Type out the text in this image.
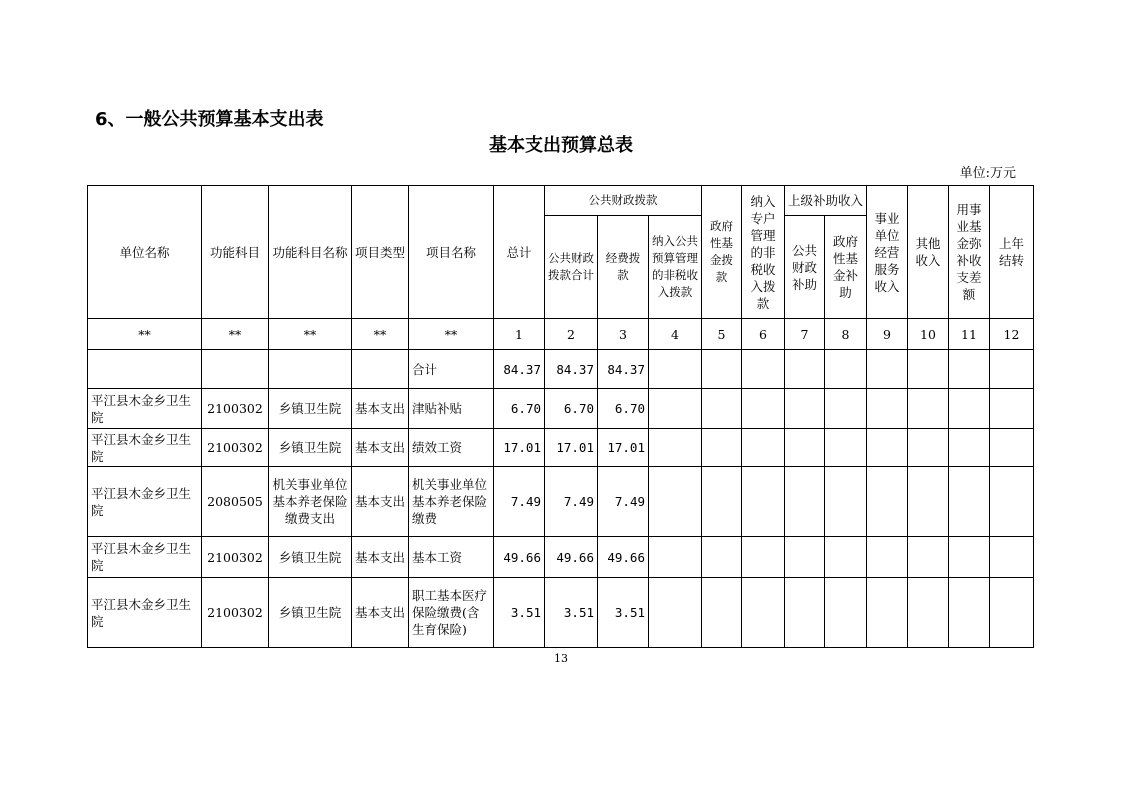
6、一般公共预算基本支出表
基本支出预算总表
单位:万元
单位名称	功能科目	功能科目名称	项目类型	项目名称	总计	公共财政拨款			政府性基金拨款	纳入专户管理的非税收入拨款	上级补助收入		事业单位经营服务收入	其他收入	用事业基金弥补收支差额	上年结转
						公共财政拨款合计	经费拨款	纳入公共预算管理的非税收入拨款			公共财政补助	政府性基金补助				
**	**	**	**	**	1	2	3	4	5	6	7	8	9	10	11	12
				合计	84.37	84.37	84.37									
平江县木金乡卫生院	2100302	乡镇卫生院	基本支出	津贴补贴	6.70	6.70	6.70									
平江县木金乡卫生院	2100302	乡镇卫生院	基本支出	绩效工资	17.01	17.01	17.01									
平江县木金乡卫生院	2080505	机关事业单位基本养老保险缴费支出	基本支出	机关事业单位基本养老保险缴费	7.49	7.49	7.49									
平江县木金乡卫生院	2100302	乡镇卫生院	基本支出	基本工资	49.66	49.66	49.66									
平江县木金乡卫生院	2100302	乡镇卫生院	基本支出	职工基本医疗保险缴费(含生育保险)	3.51	3.51	3.51									
13
